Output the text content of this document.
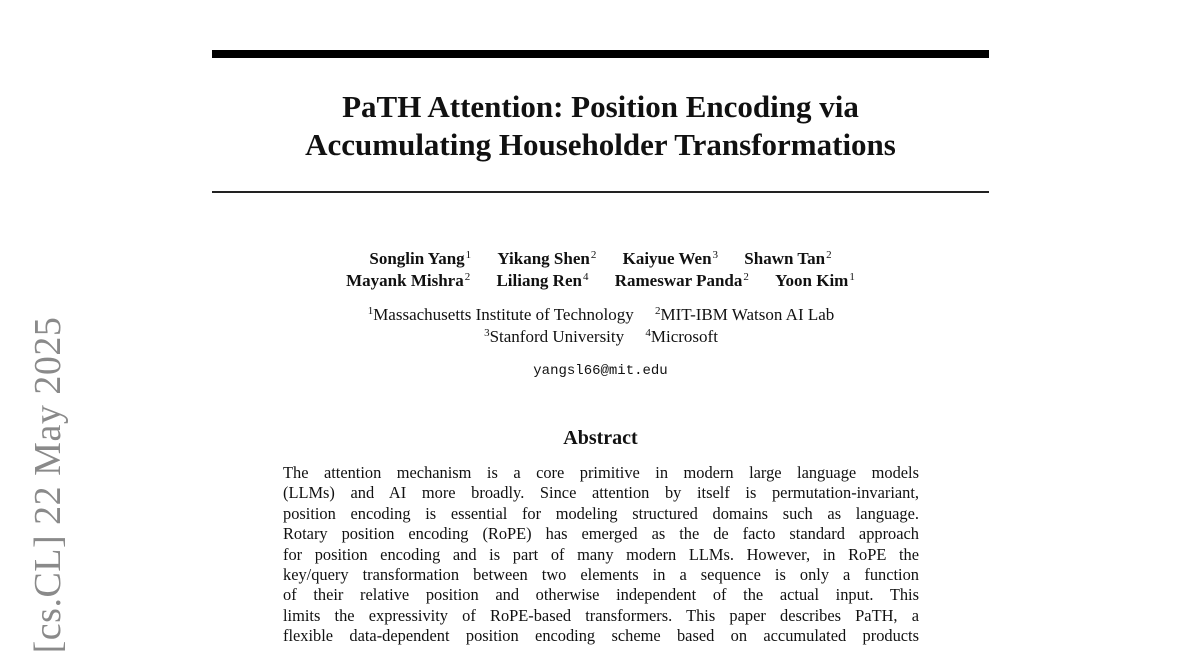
PaTH Attention: Position Encoding via
Accumulating Householder Transformations
Songlin Yang$^1$ Yikang Shen$^2$ Kaiyue Wen$^3$ Shawn Tan$^2$
Mayank Mishra$^2$ Liliang Ren$^4$ Rameswar Panda$^2$ Yoon Kim$^1$
$^1$Massachusetts Institute of Technology $^2$MIT-IBM Watson AI Lab
$^3$Stanford University $^4$Microsoft
yangsl66@mit.edu
Abstract
The attention mechanism is a core primitive in modern large language models
(LLMs) and AI more broadly. Since attention by itself is permutation-invariant,
position encoding is essential for modeling structured domains such as language.
Rotary position encoding (RoPE) has emerged as the de facto standard approach
for position encoding and is part of many modern LLMs. However, in RoPE the
key/query transformation between two elements in a sequence is only a function
of their relative position and otherwise independent of the actual input. This
limits the expressivity of RoPE-based transformers. This paper describes PaTH, a
flexible data-dependent position encoding scheme based on accumulated products
[cs.CL] 22 May 2025
